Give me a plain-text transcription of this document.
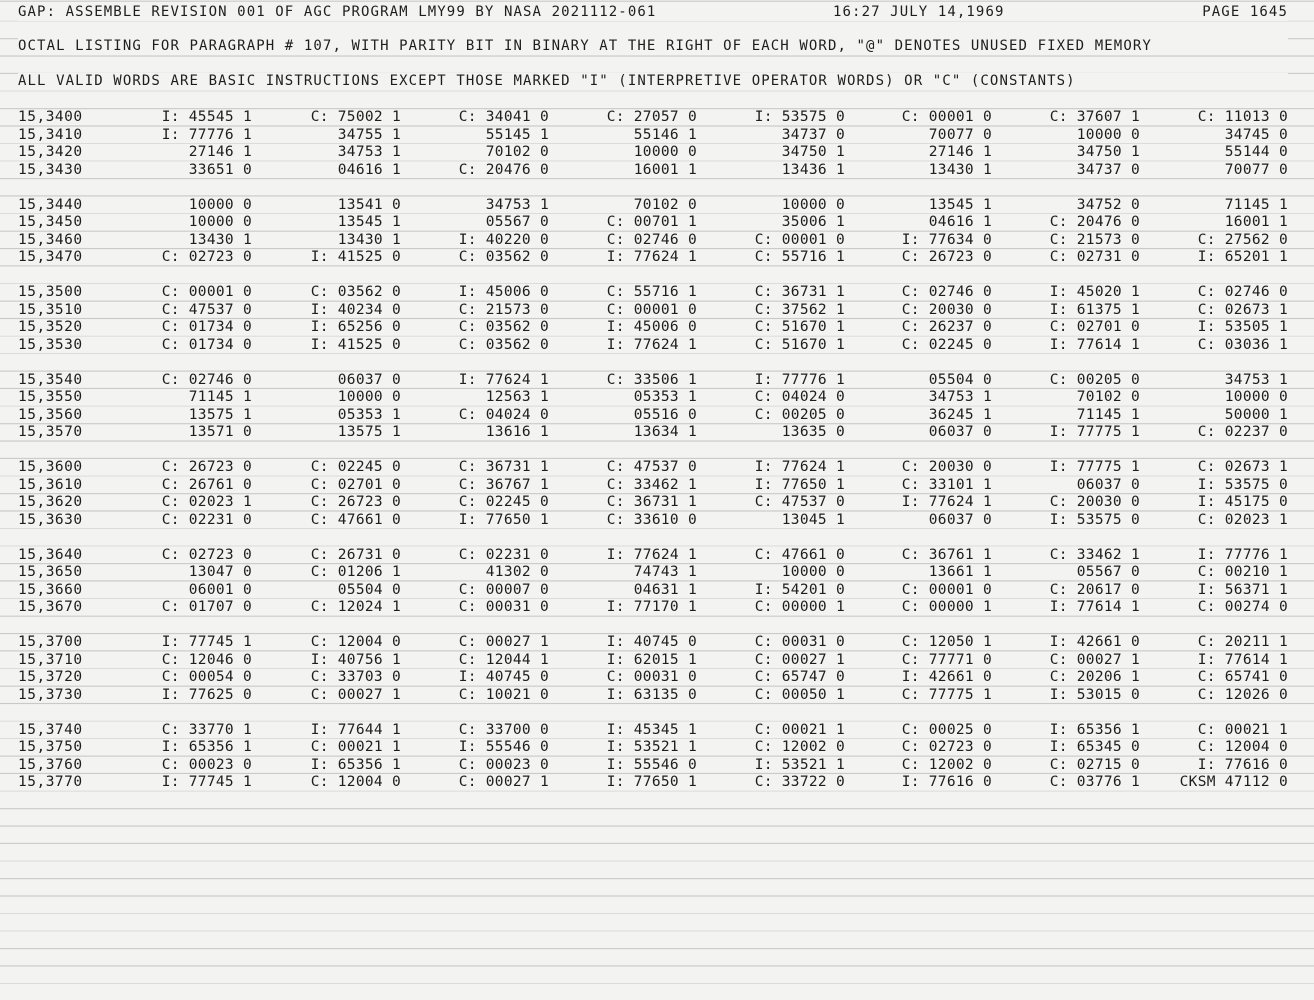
GAP: ASSEMBLE REVISION 001 OF AGC PROGRAM LMY99 BY NASA 2021112-061	16:27 JULY 14,1969	PAGE 1645
OCTAL LISTING FOR PARAGRAPH # 107, WITH PARITY BIT IN BINARY AT THE RIGHT OF EACH WORD, "@" DENOTES UNUSED FIXED MEMORY
ALL VALID WORDS ARE BASIC INSTRUCTIONS EXCEPT THOSE MARKED "I" (INTERPRETIVE OPERATOR WORDS) OR "C" (CONSTANTS)
15,3400	I: 45545 1	C: 75002 1	C: 34041 0	C: 27057 0	I: 53575 0	C: 00001 0	C: 37607 1	C: 11013 0
15,3410	I: 77776 1	34755 1	55145 1	55146 1	34737 0	70077 0	10000 0	34745 0
15,3420	27146 1	34753 1	70102 0	10000 0	34750 1	27146 1	34750 1	55144 0
15,3430	33651 0	04616 1	C: 20476 0	16001 1	13436 1	13430 1	34737 0	70077 0
15,3440	10000 0	13541 0	34753 1	70102 0	10000 0	13545 1	34752 0	71145 1
15,3450	10000 0	13545 1	05567 0	C: 00701 1	35006 1	04616 1	C: 20476 0	16001 1
15,3460	13430 1	13430 1	I: 40220 0	C: 02746 0	C: 00001 0	I: 77634 0	C: 21573 0	C: 27562 0
15,3470	C: 02723 0	I: 41525 0	C: 03562 0	I: 77624 1	C: 55716 1	C: 26723 0	C: 02731 0	I: 65201 1
15,3500	C: 00001 0	C: 03562 0	I: 45006 0	C: 55716 1	C: 36731 1	C: 02746 0	I: 45020 1	C: 02746 0
15,3510	C: 47537 0	I: 40234 0	C: 21573 0	C: 00001 0	C: 37562 1	C: 20030 0	I: 61375 1	C: 02673 1
15,3520	C: 01734 0	I: 65256 0	C: 03562 0	I: 45006 0	C: 51670 1	C: 26237 0	C: 02701 0	I: 53505 1
15,3530	C: 01734 0	I: 41525 0	C: 03562 0	I: 77624 1	C: 51670 1	C: 02245 0	I: 77614 1	C: 03036 1
15,3540	C: 02746 0	06037 0	I: 77624 1	C: 33506 1	I: 77776 1	05504 0	C: 00205 0	34753 1
15,3550	71145 1	10000 0	12563 1	05353 1	C: 04024 0	34753 1	70102 0	10000 0
15,3560	13575 1	05353 1	C: 04024 0	05516 0	C: 00205 0	36245 1	71145 1	50000 1
15,3570	13571 0	13575 1	13616 1	13634 1	13635 0	06037 0	I: 77775 1	C: 02237 0
15,3600	C: 26723 0	C: 02245 0	C: 36731 1	C: 47537 0	I: 77624 1	C: 20030 0	I: 77775 1	C: 02673 1
15,3610	C: 26761 0	C: 02701 0	C: 36767 1	C: 33462 1	I: 77650 1	C: 33101 1	06037 0	I: 53575 0
15,3620	C: 02023 1	C: 26723 0	C: 02245 0	C: 36731 1	C: 47537 0	I: 77624 1	C: 20030 0	I: 45175 0
15,3630	C: 02231 0	C: 47661 0	I: 77650 1	C: 33610 0	13045 1	06037 0	I: 53575 0	C: 02023 1
15,3640	C: 02723 0	C: 26731 0	C: 02231 0	I: 77624 1	C: 47661 0	C: 36761 1	C: 33462 1	I: 77776 1
15,3650	13047 0	C: 01206 1	41302 0	74743 1	10000 0	13661 1	05567 0	C: 00210 1
15,3660	06001 0	05504 0	C: 00007 0	04631 1	I: 54201 0	C: 00001 0	C: 20617 0	I: 56371 1
15,3670	C: 01707 0	C: 12024 1	C: 00031 0	I: 77170 1	C: 00000 1	C: 00000 1	I: 77614 1	C: 00274 0
15,3700	I: 77745 1	C: 12004 0	C: 00027 1	I: 40745 0	C: 00031 0	C: 12050 1	I: 42661 0	C: 20211 1
15,3710	C: 12046 0	I: 40756 1	C: 12044 1	I: 62015 1	C: 00027 1	C: 77771 0	C: 00027 1	I: 77614 1
15,3720	C: 00054 0	C: 33703 0	I: 40745 0	C: 00031 0	C: 65747 0	I: 42661 0	C: 20206 1	C: 65741 0
15,3730	I: 77625 0	C: 00027 1	C: 10021 0	I: 63135 0	C: 00050 1	C: 77775 1	I: 53015 0	C: 12026 0
15,3740	C: 33770 1	I: 77644 1	C: 33700 0	I: 45345 1	C: 00021 1	C: 00025 0	I: 65356 1	C: 00021 1
15,3750	I: 65356 1	C: 00021 1	I: 55546 0	I: 53521 1	C: 12002 0	C: 02723 0	I: 65345 0	C: 12004 0
15,3760	C: 00023 0	I: 65356 1	C: 00023 0	I: 55546 0	I: 53521 1	C: 12002 0	C: 02715 0	I: 77616 0
15,3770	I: 77745 1	C: 12004 0	C: 00027 1	I: 77650 1	C: 33722 0	I: 77616 0	C: 03776 1	CKSM 47112 0
